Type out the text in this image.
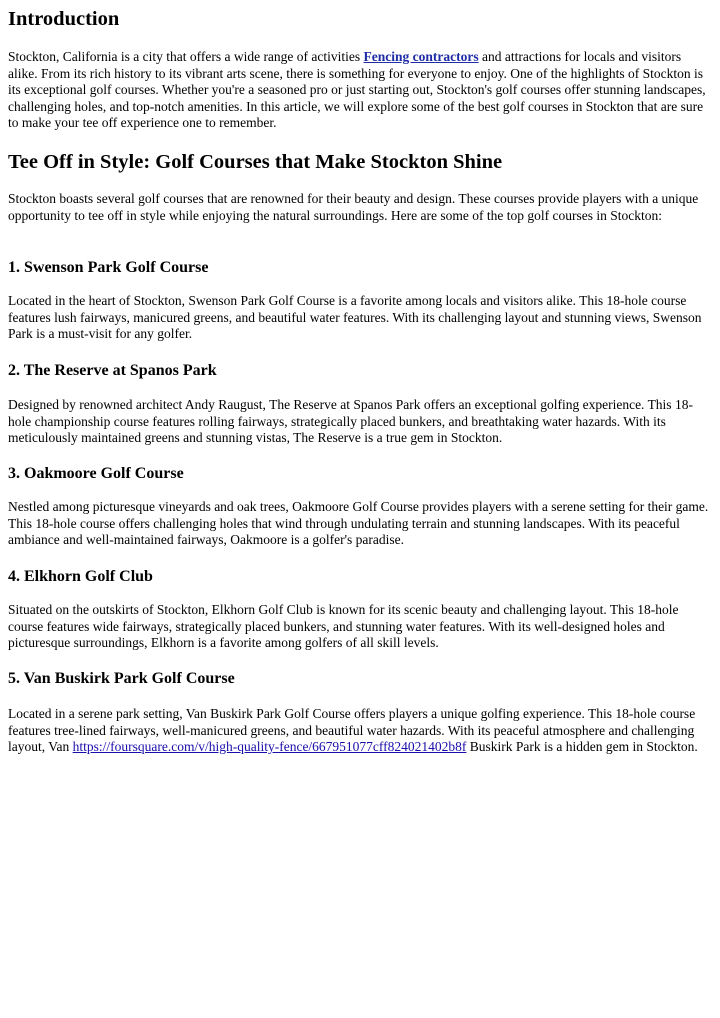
Introduction

Stockton, California is a city that offers a wide range of activities Fencing contractors and attractions for locals and visitors alike. From its rich history to its vibrant arts scene, there is something for everyone to enjoy. One of the highlights of Stockton is its exceptional golf courses. Whether you're a seasoned pro or just starting out, Stockton's golf courses offer stunning landscapes, challenging holes, and top-notch amenities. In this article, we will explore some of the best golf courses in Stockton that are sure to make your tee off experience one to remember.

Tee Off in Style: Golf Courses that Make Stockton Shine

Stockton boasts several golf courses that are renowned for their beauty and design. These courses provide players with a unique opportunity to tee off in style while enjoying the natural surroundings. Here are some of the top golf courses in Stockton:

1. Swenson Park Golf Course

Located in the heart of Stockton, Swenson Park Golf Course is a favorite among locals and visitors alike. This 18-hole course features lush fairways, manicured greens, and beautiful water features. With its challenging layout and stunning views, Swenson Park is a must-visit for any golfer.

2. The Reserve at Spanos Park

Designed by renowned architect Andy Raugust, The Reserve at Spanos Park offers an exceptional golfing experience. This 18-hole championship course features rolling fairways, strategically placed bunkers, and breathtaking water hazards. With its meticulously maintained greens and stunning vistas, The Reserve is a true gem in Stockton.

3. Oakmoore Golf Course

Nestled among picturesque vineyards and oak trees, Oakmoore Golf Course provides players with a serene setting for their game. This 18-hole course offers challenging holes that wind through undulating terrain and stunning landscapes. With its peaceful ambiance and well-maintained fairways, Oakmoore is a golfer's paradise.

4. Elkhorn Golf Club

Situated on the outskirts of Stockton, Elkhorn Golf Club is known for its scenic beauty and challenging layout. This 18-hole course features wide fairways, strategically placed bunkers, and stunning water features. With its well-designed holes and picturesque surroundings, Elkhorn is a favorite among golfers of all skill levels.

5. Van Buskirk Park Golf Course

Located in a serene park setting, Van Buskirk Park Golf Course offers players a unique golfing experience. This 18-hole course features tree-lined fairways, well-manicured greens, and beautiful water hazards. With its peaceful atmosphere and challenging layout, Van https://foursquare.com/v/high-quality-fence/667951077cff824021402b8f Buskirk Park is a hidden gem in Stockton.
